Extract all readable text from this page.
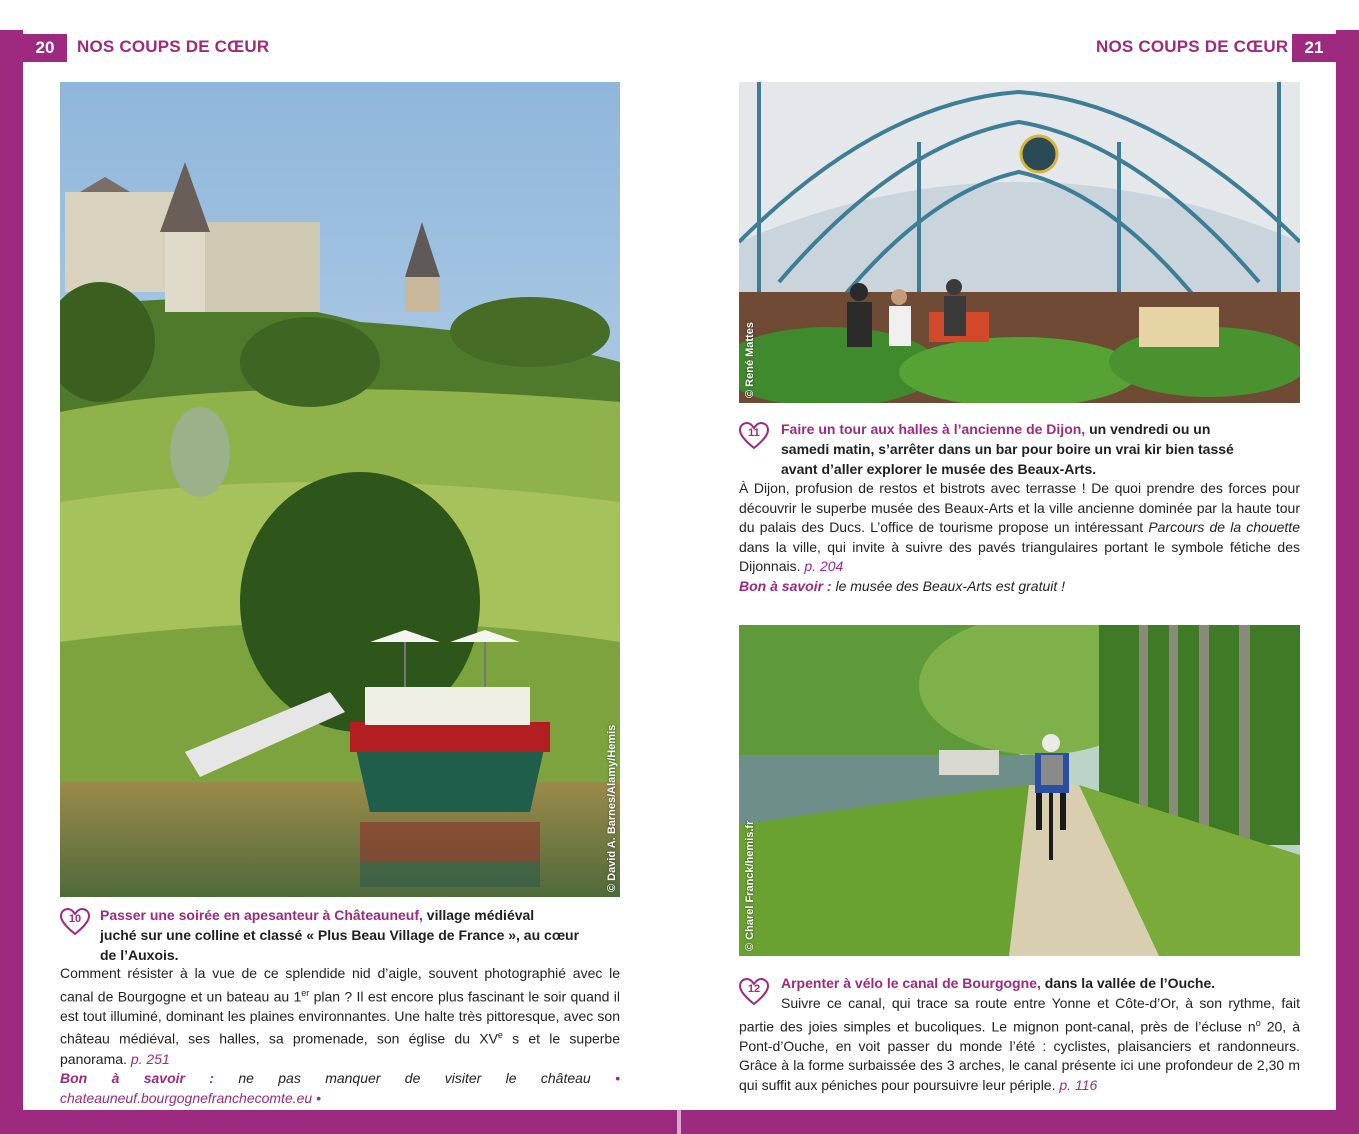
20	NOS COUPS DE CŒUR	NOS COUPS DE CŒUR 21
© David A. Barnes/Alamy/Hemis
10	Passer une soirée en apesanteur à Châteauneuf, village médiéval
juché sur une colline et classé « Plus Beau Village de France », au cœur
de l’Auxois.
Comment résister à la vue de ce splendide nid d’aigle, souvent photographié avec le canal de Bourgogne et un bateau au 1er plan ? Il est encore plus fascinant le soir quand il est tout illuminé, dominant les plaines environnantes. Une halte très pittoresque, avec son château médiéval, ses halles, sa promenade, son église du XVe s et le superbe panorama. p. 251
Bon à savoir : ne pas manquer de visiter le château • chateauneuf.bourgognefranchecomte.eu •
© René Mattes
11	Faire un tour aux halles à l’ancienne de Dijon, un vendredi ou un
samedi matin, s’arrêter dans un bar pour boire un vrai kir bien tassé
avant d’aller explorer le musée des Beaux-Arts.
À Dijon, profusion de restos et bistrots avec terrasse ! De quoi prendre des forces pour découvrir le superbe musée des Beaux-Arts et la ville ancienne dominée par la haute tour du palais des Ducs. L’office de tourisme propose un intéressant Parcours de la chouette dans la ville, qui invite à suivre des pavés triangulaires portant le symbole fétiche des Dijonnais. p. 204
Bon à savoir : le musée des Beaux-Arts est gratuit !
© Charel Franck/hemis.fr
12	Arpenter à vélo le canal de Bourgogne, dans la vallée de l’Ouche.
Suivre ce canal, qui trace sa route entre Yonne et Côte-d’Or, à son rythme, fait partie des joies simples et bucoliques. Le mignon pont-canal, près de l’écluse $n^o$ 20, à Pont-d’Ouche, en voit passer du monde l’été : cyclistes, plaisanciers et randonneurs. Grâce à la forme surbaissée des 3 arches, le canal présente ici une profondeur de 2,30 m qui suffit aux péniches pour poursuivre leur périple. p. 116
